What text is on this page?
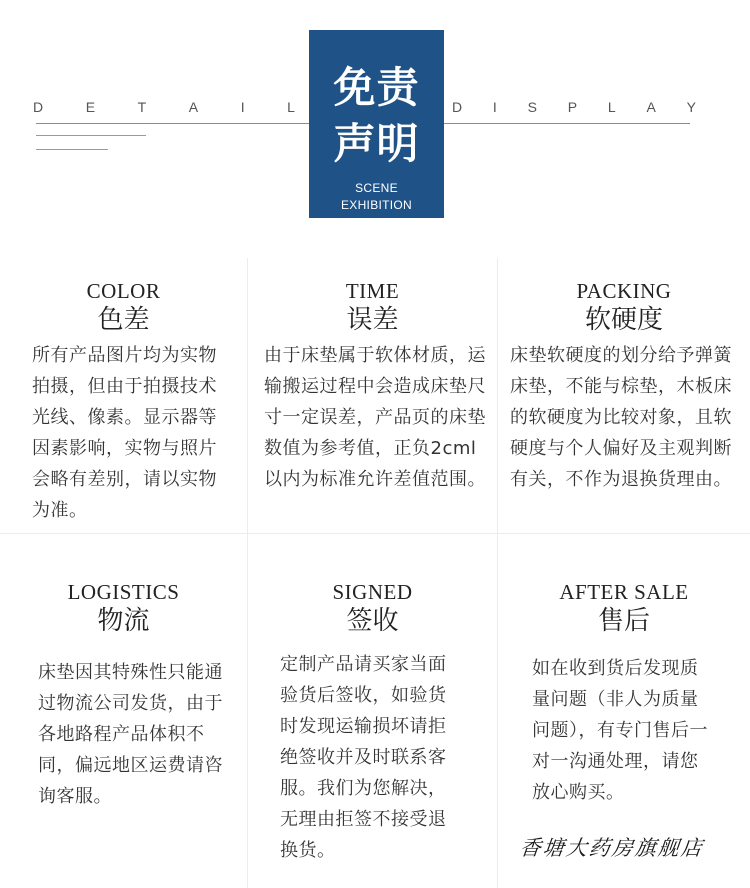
D	E	T	A	I	L	D I S P L A Y
免责声明
SCENE EXHIBITION
COLOR
色差
所有产品图片均为实物拍摄，但由于拍摄技术光线、像素。显示器等因素影响，实物与照片会略有差别，请以实物为准。
TIME
误差
由于床垫属于软体材质，运输搬运过程中会造成床垫尺寸一定误差，产品页的床垫数值为参考值，正负2cml以内为标准允许差值范围。
PACKING
软硬度
床垫软硬度的划分给予弹簧床垫，不能与棕垫，木板床的软硬度为比较对象，且软硬度与个人偏好及主观判断有关，不作为退换货理由。
LOGISTICS
物流
床垫因其特殊性只能通过物流公司发货，由于各地路程产品体积不同，偏远地区运费请咨询客服。
SIGNED
签收
定制产品请买家当面验货后签收，如验货时发现运输损坏请拒绝签收并及时联系客服。我们为您解决，无理由拒签不接受退换货。
AFTER SALE
售后
如在收到货后发现质量问题（非人为质量问题），有专门售后一对一沟通处理，请您放心购买。
香塘大药房旗舰店
